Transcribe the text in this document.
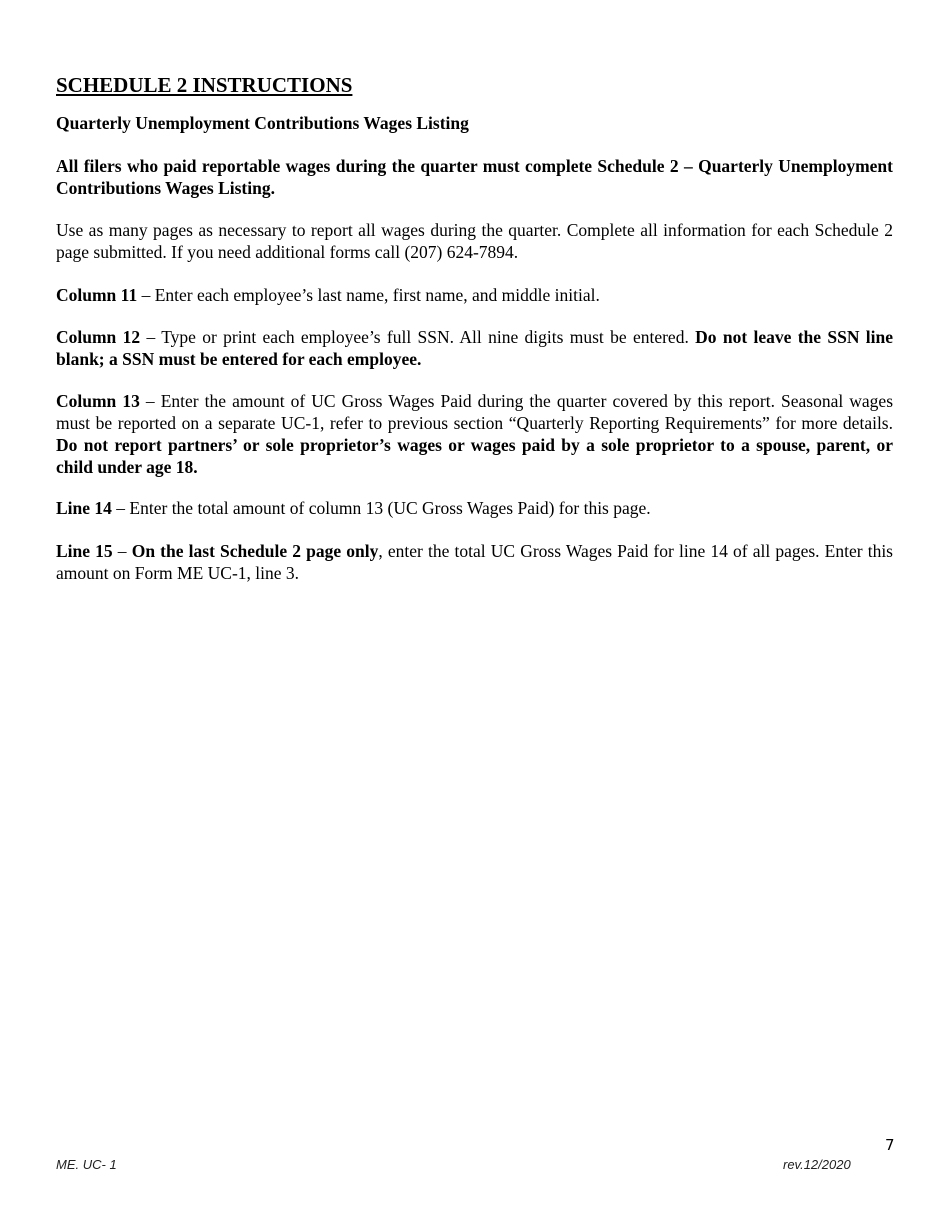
SCHEDULE 2 INSTRUCTIONS
Quarterly Unemployment Contributions Wages Listing

All filers who paid reportable wages during the quarter must complete Schedule 2 – Quarterly Unemployment Contributions Wages Listing.

Use as many pages as necessary to report all wages during the quarter. Complete all information for each Schedule 2 page submitted. If you need additional forms call (207) 624-7894.

Column 11 – Enter each employee’s last name, first name, and middle initial.

Column 12 – Type or print each employee’s full SSN. All nine digits must be entered. Do not leave the SSN line blank; a SSN must be entered for each employee.

Column 13 – Enter the amount of UC Gross Wages Paid during the quarter covered by this report. Seasonal wages must be reported on a separate UC-1, refer to previous section “Quarterly Reporting Requirements” for more details. Do not report partners’ or sole proprietor’s wages or wages paid by a sole proprietor to a spouse, parent, or child under age 18.

Line 14 – Enter the total amount of column 13 (UC Gross Wages Paid) for this page.

Line 15 – On the last Schedule 2 page only, enter the total UC Gross Wages Paid for line 14 of all pages. Enter this amount on Form ME UC-1, line 3.

7
ME. UC- 1	rev.12/2020
